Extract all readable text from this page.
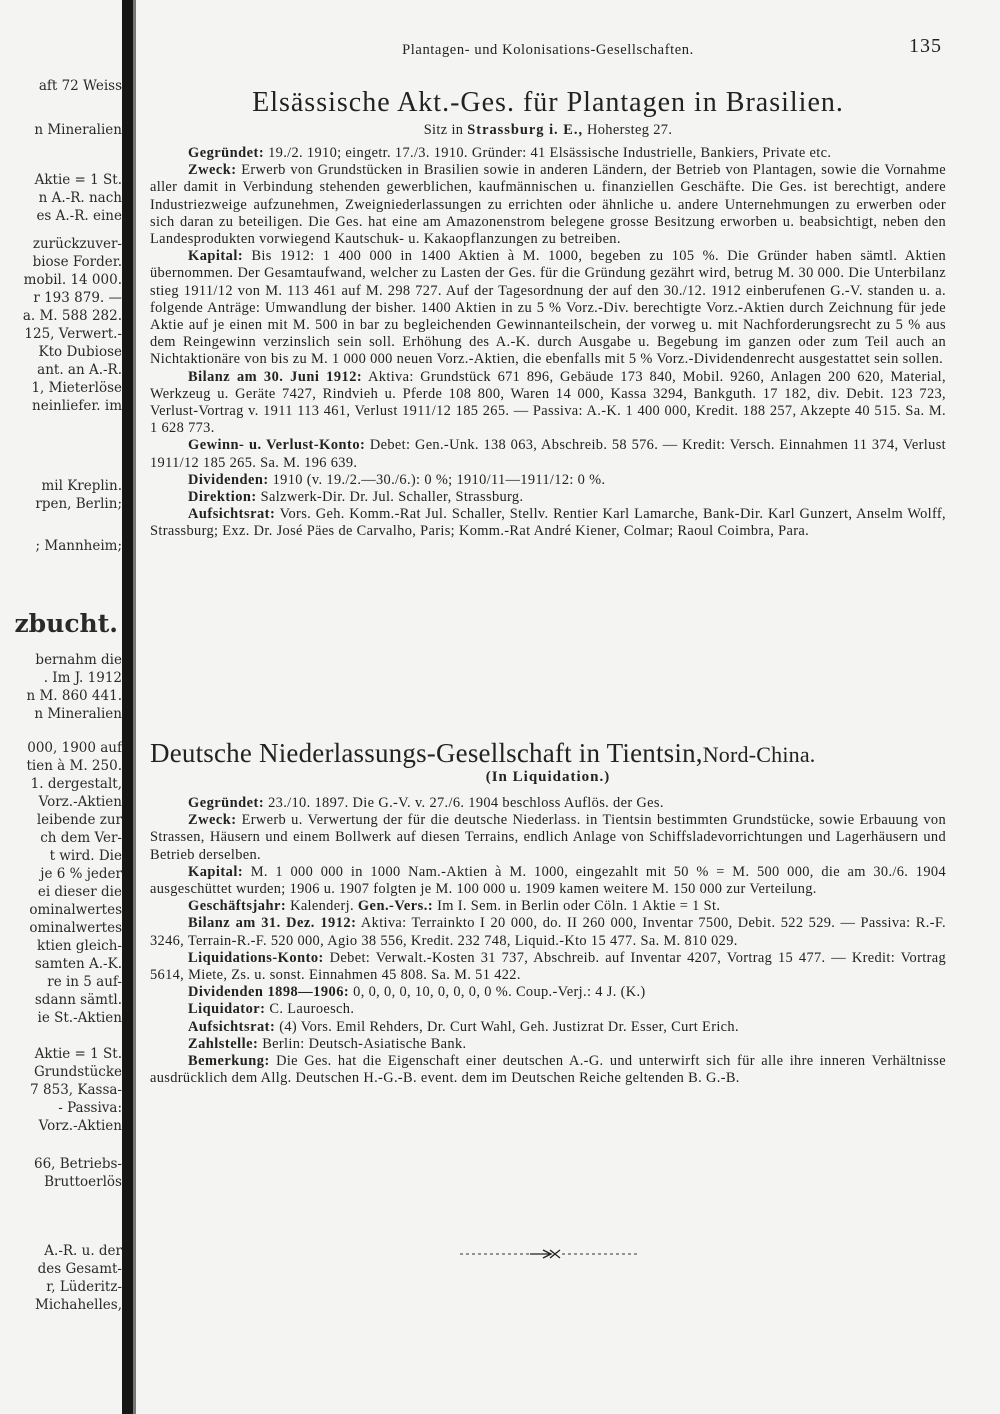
aft 72 Weiss
n Mineralien
Aktie = 1 St.
n A.-R. nach
es A.-R. eine
zurückzuver-
biose Forder.
mobil. 14 000.
r 193 879. —
a. M. 588 282.
125, Verwert.-
Kto Dubiose
ant. an A.-R.
1, Mieterlöse
neinliefer. im
mil Kreplin.
rpen, Berlin;
; Mannheim;
zbucht.
bernahm die
. Im J. 1912
n M. 860 441.
n Mineralien
000, 1900 auf
tien à M. 250.
1. dergestalt,
Vorz.-Aktien
leibende zur
ch dem Ver-
t wird. Die
je 6 % jeder
ei dieser die
ominalwertes
ominalwertes
ktien gleich-
samten A.-K.
re in 5 auf-
sdann sämtl.
ie St.-Aktien
Aktie = 1 St.
Grundstücke
7 853, Kassa-
- Passiva:
Vorz.-Aktien
66, Betriebs-
Bruttoerlös
A.-R. u. der
des Gesamt-
r, Lüderitz-
Michahelles,
Plantagen- und Kolonisations-Gesellschaften.	135
Elsässische Akt.-Ges. für Plantagen in Brasilien.
Sitz in Strassburg i. E., Hohersteg 27.

Gegründet: 19./2. 1910; eingetr. 17./3. 1910. Gründer: 41 Elsässische Industrielle, Bankiers, Private etc.

Zweck: Erwerb von Grundstücken in Brasilien sowie in anderen Ländern, der Betrieb von Plantagen, sowie die Vornahme aller damit in Verbindung stehenden gewerblichen, kaufmännischen u. finanziellen Geschäfte. Die Ges. ist berechtigt, andere Industriezweige aufzunehmen, Zweigniederlassungen zu errichten oder ähnliche u. andere Unternehmungen zu erwerben oder sich daran zu beteiligen. Die Ges. hat eine am Amazonenstrom belegene grosse Besitzung erworben u. beabsichtigt, neben den Landesprodukten vorwiegend Kautschuk- u. Kakaopflanzungen zu betreiben.

Kapital: Bis 1912: 1 400 000 in 1400 Aktien à M. 1000, begeben zu 105 %. Die Gründer haben sämtl. Aktien übernommen. Der Gesamtaufwand, welcher zu Lasten der Ges. für die Gründung gezährt wird, betrug M. 30 000. Die Unterbilanz stieg 1911/12 von M. 113 461 auf M. 298 727. Auf der Tagesordnung der auf den 30./12. 1912 einberufenen G.-V. standen u. a. folgende Anträge: Umwandlung der bisher. 1400 Aktien in zu 5 % Vorz.-Div. berechtigte Vorz.-Aktien durch Zeichnung für jede Aktie auf je einen mit M. 500 in bar zu begleichenden Gewinnanteilschein, der vorweg u. mit Nachforderungsrecht zu 5 % aus dem Reingewinn verzinslich sein soll. Erhöhung des A.-K. durch Ausgabe u. Begebung im ganzen oder zum Teil auch an Nichtaktionäre von bis zu M. 1 000 000 neuen Vorz.-Aktien, die ebenfalls mit 5 % Vorz.-Dividendenrecht ausgestattet sein sollen.

Bilanz am 30. Juni 1912: Aktiva: Grundstück 671 896, Gebäude 173 840, Mobil. 9260, Anlagen 200 620, Material, Werkzeug u. Geräte 7427, Rindvieh u. Pferde 108 800, Waren 14 000, Kassa 3294, Bankguth. 17 182, div. Debit. 123 723, Verlust-Vortrag v. 1911 113 461, Verlust 1911/12 185 265. — Passiva: A.-K. 1 400 000, Kredit. 188 257, Akzepte 40 515. Sa. M. 1 628 773.

Gewinn- u. Verlust-Konto: Debet: Gen.-Unk. 138 063, Abschreib. 58 576. — Kredit: Versch. Einnahmen 11 374, Verlust 1911/12 185 265. Sa. M. 196 639.

Dividenden: 1910 (v. 19./2.—30./6.): 0 %; 1910/11—1911/12: 0 %.

Direktion: Salzwerk-Dir. Dr. Jul. Schaller, Strassburg.

Aufsichtsrat: Vors. Geh. Komm.-Rat Jul. Schaller, Stellv. Rentier Karl Lamarche, Bank-Dir. Karl Gunzert, Anselm Wolff, Strassburg; Exz. Dr. José Päes de Carvalho, Paris; Komm.-Rat André Kiener, Colmar; Raoul Coimbra, Para.

Deutsche Niederlassungs-Gesellschaft in Tientsin,Nord-China.
(In Liquidation.)

Gegründet: 23./10. 1897. Die G.-V. v. 27./6. 1904 beschloss Auflös. der Ges.

Zweck: Erwerb u. Verwertung der für die deutsche Niederlass. in Tientsin bestimmten Grundstücke, sowie Erbauung von Strassen, Häusern und einem Bollwerk auf diesen Terrains, endlich Anlage von Schiffsladevorrichtungen und Lagerhäusern und Betrieb derselben.

Kapital: M. 1 000 000 in 1000 Nam.-Aktien à M. 1000, eingezahlt mit 50 % = M. 500 000, die am 30./6. 1904 ausgeschüttet wurden; 1906 u. 1907 folgten je M. 100 000 u. 1909 kamen weitere M. 150 000 zur Verteilung.

Geschäftsjahr: Kalenderj. Gen.-Vers.: Im I. Sem. in Berlin oder Cöln. 1 Aktie = 1 St.

Bilanz am 31. Dez. 1912: Aktiva: Terrainkto I 20 000, do. II 260 000, Inventar 7500, Debit. 522 529. — Passiva: R.-F. 3246, Terrain-R.-F. 520 000, Agio 38 556, Kredit. 232 748, Liquid.-Kto 15 477. Sa. M. 810 029.

Liquidations-Konto: Debet: Verwalt.-Kosten 31 737, Abschreib. auf Inventar 4207, Vortrag 15 477. — Kredit: Vortrag 5614, Miete, Zs. u. sonst. Einnahmen 45 808. Sa. M. 51 422.

Dividenden 1898—1906: 0, 0, 0, 0, 10, 0, 0, 0, 0 %. Coup.-Verj.: 4 J. (K.)

Liquidator: C. Lauroesch.

Aufsichtsrat: (4) Vors. Emil Rehders, Dr. Curt Wahl, Geh. Justizrat Dr. Esser, Curt Erich.

Zahlstelle: Berlin: Deutsch-Asiatische Bank.

Bemerkung: Die Ges. hat die Eigenschaft einer deutschen A.-G. und unterwirft sich für alle ihre inneren Verhältnisse ausdrücklich dem Allg. Deutschen H.-G.-B. event. dem im Deutschen Reiche geltenden B. G.-B.
